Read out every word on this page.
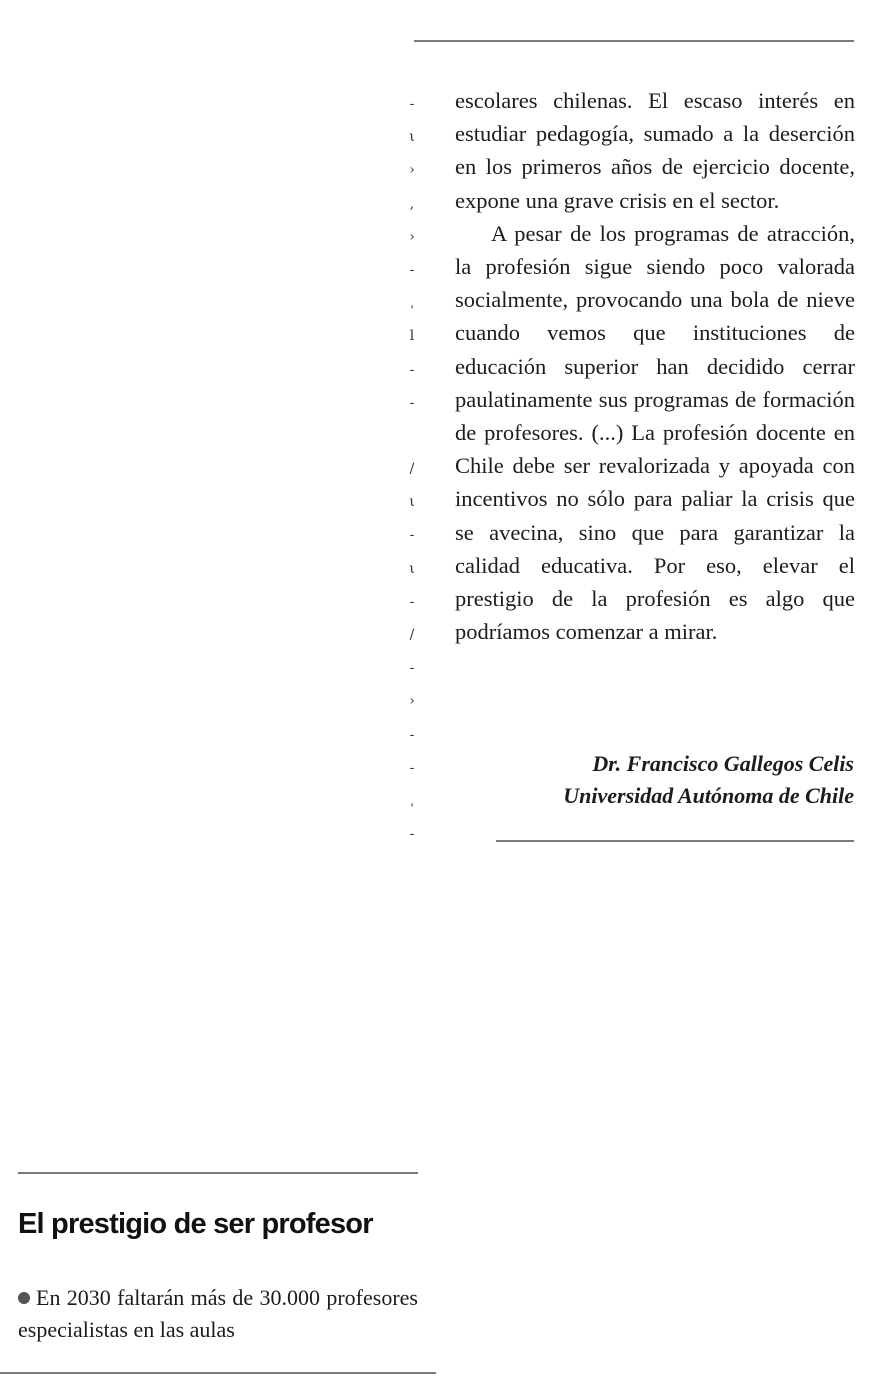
-
ι
›
,
›
-
ˌ
l
-
-
/
ι
-
ι
-
/
-
›
-
-
ˌ
-

escolares chilenas. El escaso interés en estudiar pedagogía, sumado a la deserción en los primeros años de ejercicio docente, expone una grave crisis en el sector.

A pesar de los programas de atracción, la profesión sigue siendo poco valorada socialmente, provocando una bola de nieve cuando vemos que instituciones de educación superior han decidido cerrar paulatinamente sus programas de formación de profesores. (...) La profesión docente en Chile debe ser revalorizada y apoyada con incentivos no sólo para paliar la crisis que se avecina, sino que para garantizar la calidad educativa. Por eso, elevar el prestigio de la profesión es algo que podríamos comenzar a mirar.

Dr. Francisco Gallegos Celis
Universidad Autónoma de Chile
El prestigio de ser profesor
En 2030 faltarán más de 30.000 profesores especialistas en las aulas
